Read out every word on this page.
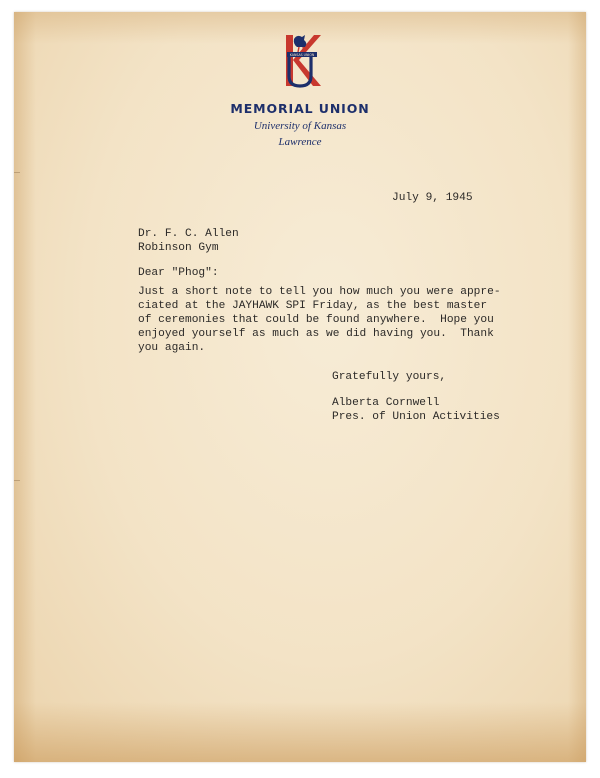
KANSAS UNION
MEMORIAL UNION
University of Kansas
Lawrence
July 9, 1945
Dr. F. C. Allen
Robinson Gym
Dear "Phog":
Just a short note to tell you how much you were appre-
ciated at the JAYHAWK SPI Friday, as the best master
of ceremonies that could be found anywhere.  Hope you
enjoyed yourself as much as we did having you.  Thank
you again.
Gratefully yours,
Alberta Cornwell
Pres. of Union Activities
